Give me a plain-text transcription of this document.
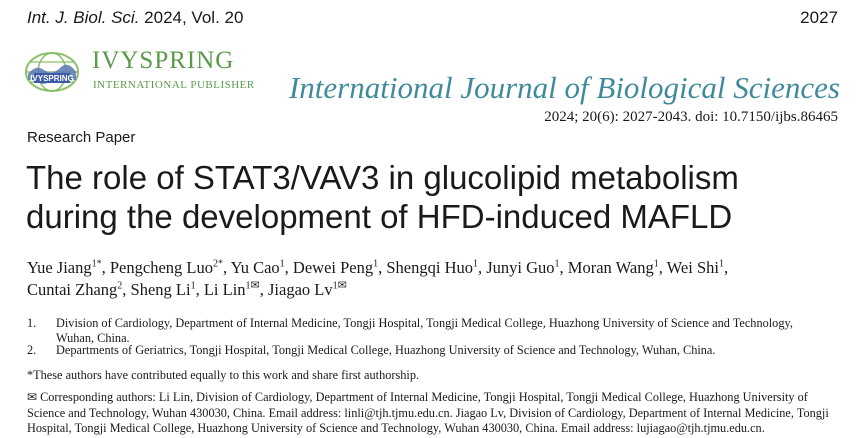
Int. J. Biol. Sci. 2024, Vol. 20	2027
IVYSPRING
IVYSPRING
INTERNATIONAL PUBLISHER International Journal of Biological Sciences
2024; 20(6): 2027-2043. doi: 10.7150/ijbs.86465
Research Paper
The role of STAT3/VAV3 in glucolipid metabolism
during the development of HFD-induced MAFLD
Yue Jiang$^{1*}$, Pengcheng Luo$^{2*}$, Yu Cao$^1$, Dewei Peng$^1$, Shengqi Huo$^1$, Junyi Guo$^1$, Moran Wang$^1$, Wei Shi$^1$,
Cuntai Zhang$^2$, Sheng Li$^1$, Li Lin$^{1✉}$, Jiagao $Lv^{1✉}$
1. Division of Cardiology, Department of Internal Medicine, Tongji Hospital, Tongji Medical College, Huazhong University of Science and Technology,
Wuhan, China.
2. Departments of Geriatrics, Tongji Hospital, Tongji Medical College, Huazhong University of Science and Technology, Wuhan, China.
*These authors have contributed equally to this work and share first authorship.
✉ Corresponding authors: Li Lin, Division of Cardiology, Department of Internal Medicine, Tongji Hospital, Tongji Medical College, Huazhong University of
Science and Technology, Wuhan 430030, China. Email address: linli@tjh.tjmu.edu.cn. Jiagao Lv, Division of Cardiology, Department of Internal Medicine, Tongji
Hospital, Tongji Medical College, Huazhong University of Science and Technology, Wuhan 430030, China. Email address: lujiagao@tjh.tjmu.edu.cn.
